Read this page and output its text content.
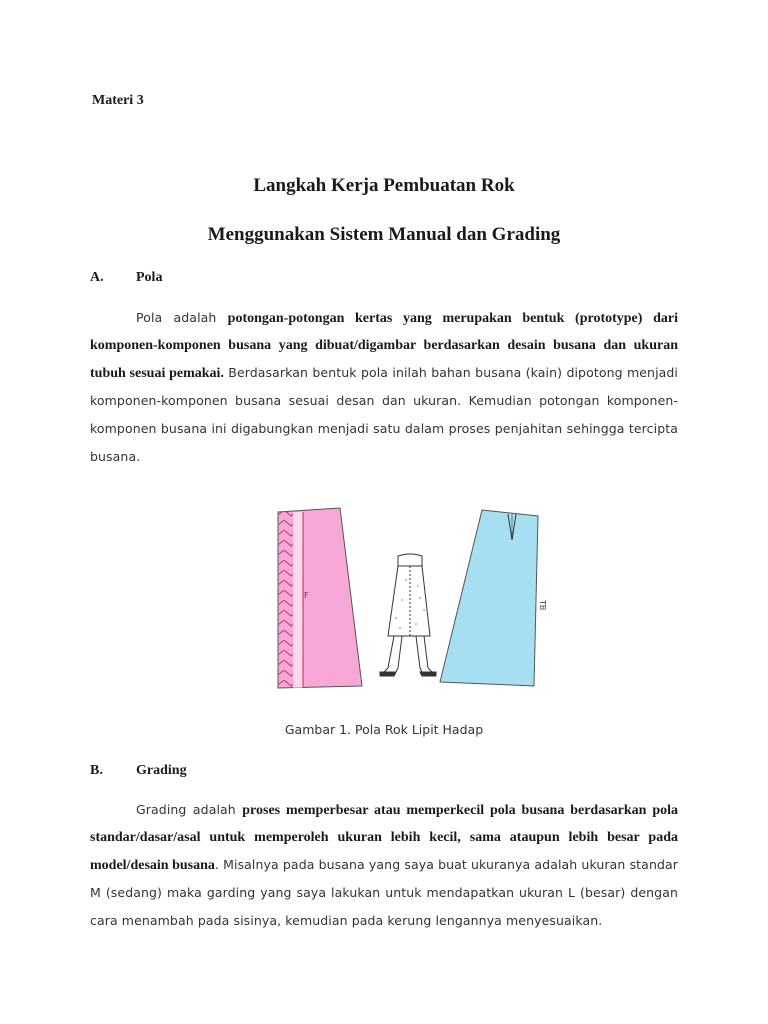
Materi 3
Langkah Kerja Pembuatan Rok
Menggunakan Sistem Manual dan Grading
A. Pola

Pola adalah potongan-potongan kertas yang merupakan bentuk (prototype) dari komponen-komponen busana yang dibuat/digambar berdasarkan desain busana dan ukuran tubuh sesuai pemakai. Berdasarkan bentuk pola inilah bahan busana (kain) dipotong menjadi komponen-komponen busana sesuai desan dan ukuran. Kemudian potongan komponen-komponen busana ini digabungkan menjadi satu dalam proses penjahitan sehingga tercipta busana.

F
TB
Gambar 1. Pola Rok Lipit Hadap
B. Grading

Grading adalah proses memperbesar atau memperkecil pola busana berdasarkan pola standar/dasar/asal untuk memperoleh ukuran lebih kecil, sama ataupun lebih besar pada model/desain busana. Misalnya pada busana yang saya buat ukuranya adalah ukuran standar M (sedang) maka garding yang saya lakukan untuk mendapatkan ukuran L (besar) dengan cara menambah pada sisinya, kemudian pada kerung lengannya menyesuaikan.
